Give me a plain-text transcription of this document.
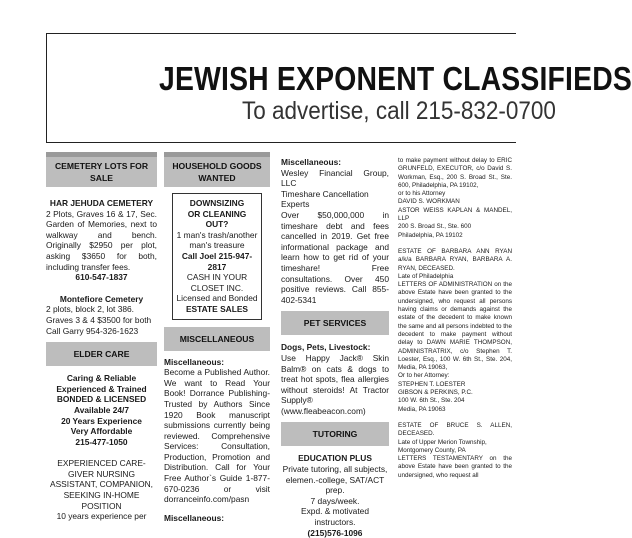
JEWISH EXPONENT CLASSIFIEDS
To advertise, call 215-832-0700
CEMETERY LOTS FOR SALE
HAR JEHUDA CEMETERY
2 Plots, Graves 16 & 17, Sec. Garden of Memories, next to walkway and bench. Originally $2950 per plot, asking $3650 for both, including transfer fees.
610-547-1837
Montefiore Cemetery
2 plots, block 2, lot 386. Graves 3 & 4 $3500 for both Call Garry 954-326-1623
ELDER CARE
Caring & Reliable
Experienced & Trained
BONDED & LICENSED
Available 24/7
20 Years Experience
Very Affordable
215-477-1050
EXPERIENCED CARE-GIVER NURSING ASSISTANT, COMPANION, SEEKING IN-HOME POSITION
10 years experience per
HOUSEHOLD GOODS WANTED
DOWNSIZING
OR CLEANING
OUT?
1 man's trash/another man's treasure
Call Joel 215-947-2817
CASH IN YOUR CLOSET INC.
Licensed and Bonded
ESTATE SALES
MISCELLANEOUS
Miscellaneous:
Become a Published Author. We want to Read Your Book! Dorrance Publishing-Trusted by Authors Since 1920 Book manuscript submissions currently being reviewed. Comprehensive Services: Consultation, Production, Promotion and Distribution. Call for Your Free Author`s Guide 1-877-670-0236 or visit dorranceinfo.com/pasn
Miscellaneous:
Miscellaneous:
Wesley Financial Group, LLC
Timeshare Cancellation Experts
Over $50,000,000 in timeshare debt and fees cancelled in 2019. Get free informational package and learn how to get rid of your timeshare! Free consultations. Over 450 positive reviews. Call 855-402-5341
PET SERVICES
Dogs, Pets, Livestock:
Use Happy Jack® Skin Balm® on cats & dogs to treat hot spots, flea allergies without steroids! At Tractor Supply® (www.fleabeacon.com)
TUTORING
EDUCATION PLUS
Private tutoring, all subjects, elemen.-college, SAT/ACT prep.
7 days/week.
Expd. & motivated instructors.
(215)576-1096
to make payment without delay to ERIC GRUNFELD, EXECUTOR, c/o David S. Workman, Esq., 200 S. Broad St., Ste. 600, Philadelphia, PA 19102,
or to his Attorney
DAVID S. WORKMAN
ASTOR WEISS KAPLAN & MANDEL, LLP
200 S. Broad St., Ste. 600
Philadelphia, PA 19102
ESTATE OF BARBARA ANN RYAN a/k/a BARBARA RYAN, BARBARA A. RYAN, DECEASED.
Late of Philadelphia
LETTERS OF ADMINISTRATION on the above Estate have been granted to the undersigned, who request all persons having claims or demands against the estate of the decedent to make known the same and all persons indebted to the decedent to make payment without delay to DAWN MARIE THOMPSON, ADMINISTRATRIX, c/o Stephen T. Loester, Esq., 100 W. 6th St., Ste. 204, Media, PA 19063,
Or to her Attorney:
STEPHEN T. LOESTER
GIBSON & PERKINS, P.C.
100 W. 6th St., Ste. 204
Media, PA 19063
ESTATE OF BRUCE S. ALLEN, DECEASED.
Late of Upper Merion Township, Montgomery County, PA
LETTERS TESTAMENTARY on the above Estate have been granted to the undersigned, who request all
